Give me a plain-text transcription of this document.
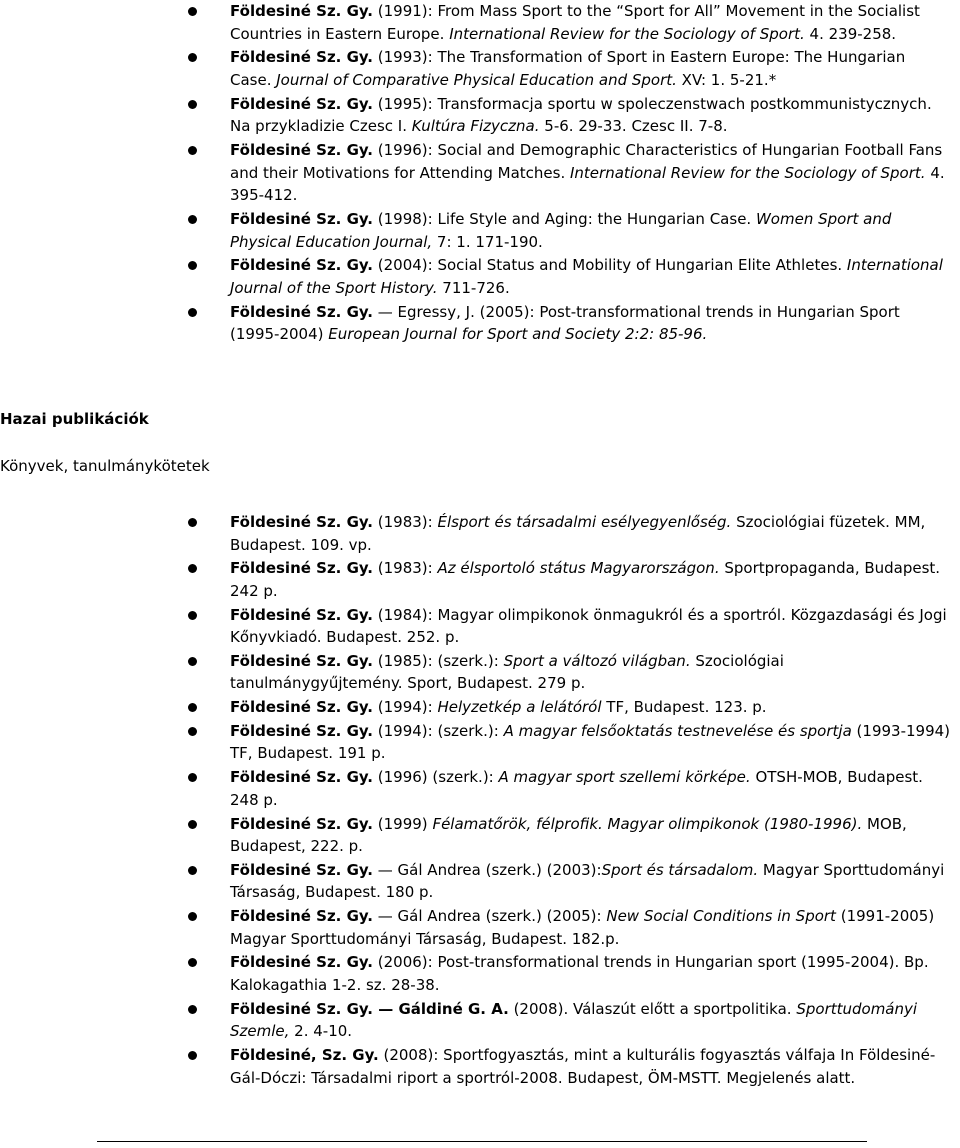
Földesiné Sz. Gy. (1991): From Mass Sport to the “Sport for All” Movement in the Socialist Countries in Eastern Europe. International Review for the Sociology of Sport. 4. 239-258.
Földesiné Sz. Gy. (1993): The Transformation of Sport in Eastern Europe: The Hungarian Case. Journal of Comparative Physical Education and Sport. XV: 1. 5-21.*
Földesiné Sz. Gy. (1995): Transformacja sportu w spoleczenstwach postkommunistycznych. Na przykladizie Czesc I. Kultúra Fizyczna. 5-6. 29-33. Czesc II. 7-8.
Földesiné Sz. Gy. (1996): Social and Demographic Characteristics of Hungarian Football Fans and their Motivations for Attending Matches. International Review for the Sociology of Sport. 4. 395-412.
Földesiné Sz. Gy. (1998): Life Style and Aging: the Hungarian Case. Women Sport and Physical Education Journal, 7: 1. 171-190.
Földesiné Sz. Gy. (2004): Social Status and Mobility of Hungarian Elite Athletes. International Journal of the Sport History. 711-726.
Földesiné Sz. Gy. — Egressy, J. (2005): Post-transformational trends in Hungarian Sport (1995-2004) European Journal for Sport and Society 2:2: 85-96.
Hazai publikációk
Könyvek, tanulmánykötetek
Földesiné Sz. Gy. (1983): Élsport és társadalmi esélyegyenlőség. Szociológiai füzetek. MM, Budapest. 109. vp.
Földesiné Sz. Gy. (1983): Az élsportoló státus Magyarországon. Sportpropaganda, Budapest. 242 p.
Földesiné Sz. Gy. (1984): Magyar olimpikonok önmagukról és a sportról. Közgazdasági és Jogi Kőnyvkiadó. Budapest. 252. p.
Földesiné Sz. Gy. (1985): (szerk.): Sport a változó világban. Szociológiai tanulmánygyűjtemény. Sport, Budapest. 279 p.
Földesiné Sz. Gy. (1994): Helyzetkép a lelátóról TF, Budapest. 123. p.
Földesiné Sz. Gy. (1994): (szerk.): A magyar felsőoktatás testnevelése és sportja (1993-1994) TF, Budapest. 191 p.
Földesiné Sz. Gy. (1996) (szerk.): A magyar sport szellemi körképe. OTSH-MOB, Budapest. 248 p.
Földesiné Sz. Gy. (1999) Félamatőrök, félprofik. Magyar olimpikonok (1980-1996). MOB, Budapest, 222. p.
Földesiné Sz. Gy. — Gál Andrea (szerk.) (2003):Sport és társadalom. Magyar Sporttudományi Társaság, Budapest. 180 p.
Földesiné Sz. Gy. — Gál Andrea (szerk.) (2005): New Social Conditions in Sport (1991-2005) Magyar Sporttudományi Társaság, Budapest. 182.p.
Földesiné Sz. Gy. (2006): Post-transformational trends in Hungarian sport (1995-2004). Bp. Kalokagathia 1-2. sz. 28-38.
Földesiné Sz. Gy. — Gáldiné G. A. (2008). Válaszút előtt a sportpolitika. Sporttudományi Szemle, 2. 4-10.
Földesiné, Sz. Gy. (2008): Sportfogyasztás, mint a kulturális fogyasztás válfaja In Földesiné-Gál-Dóczi: Társadalmi riport a sportról-2008. Budapest, ÖM-MSTT. Megjelenés alatt.
